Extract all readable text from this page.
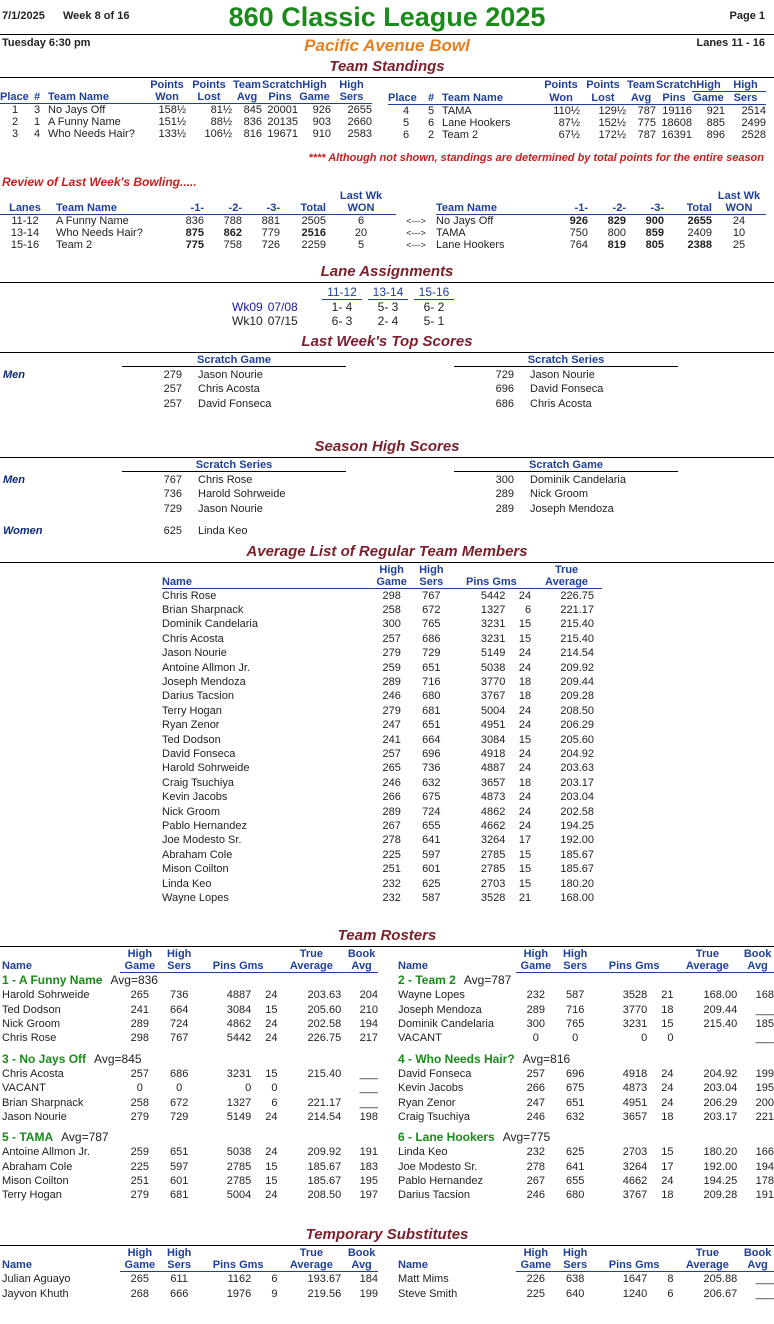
7/1/2025 Week 8 of 16	860 Classic League 2025	Page 1
Tuesday 6:30 pm	Pacific Avenue Bowl	Lanes 11 - 16
Team Standings
			Points	Points	Team	Scratch	High	High
Place	#	Team Name	Won	Lost	Avg	Pins	Game	Sers
1	3	No Jays Off	158½	81½	845	20001	926	2655
2	1	A Funny Name	151½	88½	836	20135	903	2660
3	4	Who Needs Hair?	133½	106½	816	19671	910	2583
			Points	Points	Team	Scratch	High	High
Place	#	Team Name	Won	Lost	Avg	Pins	Game	Sers
4	5	TAMA	110½	129½	787	19116	921	2514
5	6	Lane Hookers	87½	152½	775	18608	885	2499
6	2	Team 2	67½	172½	787	16391	896	2528
**** Although not shown, standings are determined by total points for the entire season
Review of Last Week's Bowling.....
						Last Wk							Last Wk
Lanes	Team Name	-1-	-2-	-3-	Total	WON		Team Name	-1-	-2-	-3-	Total	WON
11-12	A Funny Name	836	788	881	2505	6	<--->	No Jays Off	926	829	900	2655	24
13-14	Who Needs Hair?	875	862	779	2516	20	<--->	TAMA	750	800	859	2409	10
15-16	Team 2	775	758	726	2259	5	<--->	Lane Hookers	764	819	805	2388	25
Lane Assignments
	11-12		13-14		15-16
Wk09 07/08	1- 4		5- 3		6- 2
Wk10 07/15	6- 3		2- 4		5- 1
Last Week's Top Scores
Men
Scratch Game
279 Jason Nourie
257 Chris Acosta
257 David Fonseca
Scratch Series
729 Jason Nourie
696 David Fonseca
686 Chris Acosta
Season High Scores
Men
Scratch Series
767 Chris Rose
736 Harold Sohrweide
729 Jason Nourie
Scratch Game
300 Dominik Candelaria
289 Nick Groom
289 Joseph Mendoza
Women	625 Linda Keo
Average List of Regular Team Members
	High	High			True
Name	Game	Sers	Pins Gms		Average
Chris Rose	298	767	5442	24	226.75
Brian Sharpnack	258	672	1327	6	221.17
Dominik Candelaria	300	765	3231	15	215.40
Chris Acosta	257	686	3231	15	215.40
Jason Nourie	279	729	5149	24	214.54
Antoine Allmon Jr.	259	651	5038	24	209.92
Joseph Mendoza	289	716	3770	18	209.44
Darius Tacsion	246	680	3767	18	209.28
Terry Hogan	279	681	5004	24	208.50
Ryan Zenor	247	651	4951	24	206.29
Ted Dodson	241	664	3084	15	205.60
David Fonseca	257	696	4918	24	204.92
Harold Sohrweide	265	736	4887	24	203.63
Craig Tsuchiya	246	632	3657	18	203.17
Kevin Jacobs	266	675	4873	24	203.04
Nick Groom	289	724	4862	24	202.58
Pablo Hernandez	267	655	4662	24	194.25
Joe Modesto Sr.	278	641	3264	17	192.00
Abraham Cole	225	597	2785	15	185.67
Mison Coilton	251	601	2785	15	185.67
Linda Keo	232	625	2703	15	180.20
Wayne Lopes	232	587	3528	21	168.00
Team Rosters
	High	High			True	Book
Name	Game	Sers	Pins Gms		Average	Avg
1 - A Funny Name Avg=836
Harold Sohrweide	265	736	4887	24	203.63	204
Ted Dodson	241	664	3084	15	205.60	210
Nick Groom	289	724	4862	24	202.58	194
Chris Rose	298	767	5442	24	226.75	217
3 - No Jays Off Avg=845
Chris Acosta	257	686	3231	15	215.40	___
VACANT	0	0	0	0		___
Brian Sharpnack	258	672	1327	6	221.17	___
Jason Nourie	279	729	5149	24	214.54	198
5 - TAMA Avg=787
Antoine Allmon Jr.	259	651	5038	24	209.92	191
Abraham Cole	225	597	2785	15	185.67	183
Mison Coilton	251	601	2785	15	185.67	195
Terry Hogan	279	681	5004	24	208.50	197
	High	High			True	Book
Name	Game	Sers	Pins Gms		Average	Avg
2 - Team 2 Avg=787
Wayne Lopes	232	587	3528	21	168.00	168
Joseph Mendoza	289	716	3770	18	209.44	___
Dominik Candelaria	300	765	3231	15	215.40	185
VACANT	0	0	0	0		___
4 - Who Needs Hair? Avg=816
David Fonseca	257	696	4918	24	204.92	199
Kevin Jacobs	266	675	4873	24	203.04	195
Ryan Zenor	247	651	4951	24	206.29	200
Craig Tsuchiya	246	632	3657	18	203.17	221
6 - Lane Hookers Avg=775
Linda Keo	232	625	2703	15	180.20	166
Joe Modesto Sr.	278	641	3264	17	192.00	194
Pablo Hernandez	267	655	4662	24	194.25	178
Darius Tacsion	246	680	3767	18	209.28	191
Temporary Substitutes
	High	High			True	Book
Name	Game	Sers	Pins Gms		Average	Avg
Julian Aguayo	265	611	1162	6	193.67	184
Jayvon Khuth	268	666	1976	9	219.56	199
	High	High			True	Book
Name	Game	Sers	Pins Gms		Average	Avg
Matt Mims	226	638	1647	8	205.88	___
Steve Smith	225	640	1240	6	206.67	___
